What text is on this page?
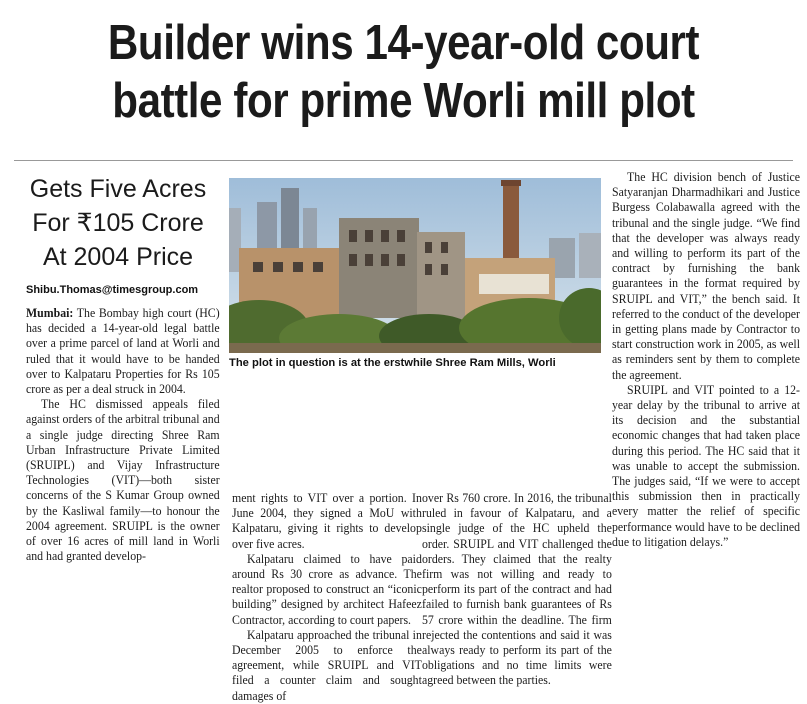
Builder wins 14-year-old court
battle for prime Worli mill plot
Gets Five Acres
For ₹105 Crore
At 2004 Price
Shibu.Thomas@timesgroup.com
The plot in question is at the erstwhile Shree Ram Mills, Worli

Mumbai: The Bombay high court (HC) has decided a 14-year-old legal battle over a prime parcel of land at Worli and ruled that it would have to be handed over to Kalpataru Properties for Rs 105 crore as per a deal struck in 2004.

The HC dismissed appeals filed against orders of the arbitral tribunal and a single judge directing Shree Ram Urban Infrastructure Private Limited (SRUIPL) and Vijay Infrastructure Technologies (VIT)—both sister concerns of the S Kumar Group owned by the Kasliwal family—to honour the 2004 agreement. SRUIPL is the owner of over 16 acres of mill land in Worli and had granted develop-

ment rights to VIT over a portion. In June 2004, they signed a MoU with Kalpataru, giving it rights to develop over five acres.

Kalpataru claimed to have paid around Rs 30 crore as advance. The realtor proposed to construct an “iconic building” designed by architect Hafeez Contractor, according to court papers.

Kalpataru approached the tribunal in December 2005 to enforce the agreement, while SRUIPL and VIT filed a counter claim and sought damages of

over Rs 760 crore. In 2016, the tribunal ruled in favour of Kalpataru, and a single judge of the HC upheld the order. SRUIPL and VIT challenged the orders. They claimed that the realty firm was not willing and ready to perform its part of the contract and had failed to furnish bank guarantees of Rs 57 crore within the deadline. The firm rejected the contentions and said it was always ready to perform its part of the obligations and no time limits were agreed between the parties.

The HC division bench of Justice Satyaranjan Dharmadhikari and Justice Burgess Colabawalla agreed with the tribunal and the single judge. “We find that the developer was always ready and willing to perform its part of the contract by furnishing the bank guarantees in the format required by SRUIPL and VIT,” the bench said. It referred to the conduct of the developer in getting plans made by Contractor to start construction work in 2005, as well as reminders sent by them to complete the agreement.

SRUIPL and VIT pointed to a 12-year delay by the tribunal to arrive at its decision and the substantial economic changes that had taken place during this period. The HC said that it was unable to accept the submission. The judges said, “If we were to accept this submission then in practically every matter the relief of specific performance would have to be declined due to litigation delays.”
